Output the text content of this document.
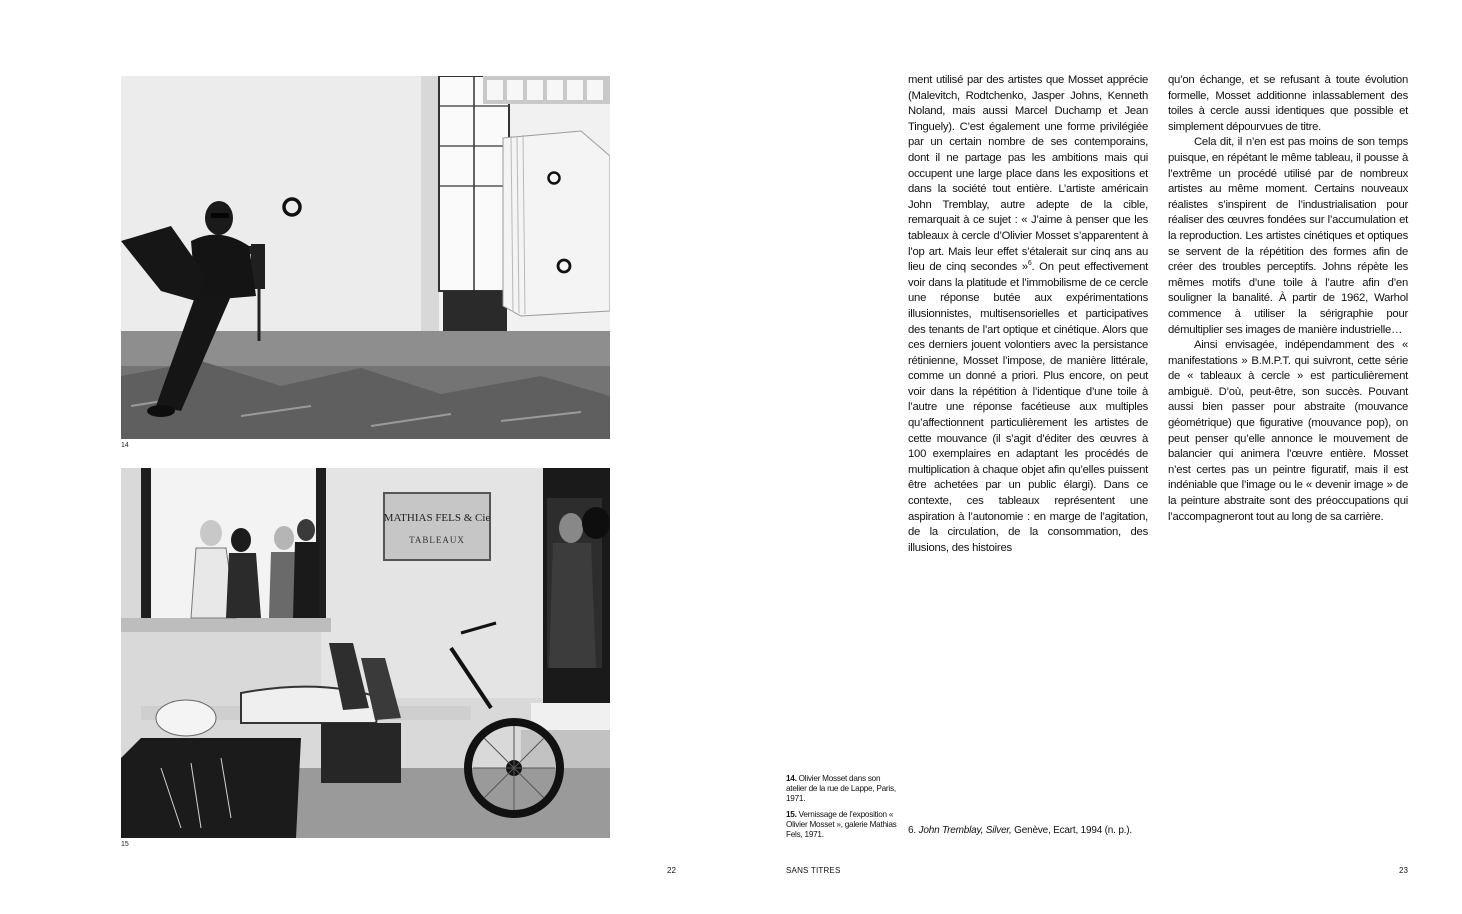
14
MATHIAS FELS & Cie
TABLEAUX
15
22

14. Olivier Mosset dans son atelier de la rue de Lappe, Paris, 1971.

15. Vernissage de l’exposition « Olivier Mosset », galerie Mathias Fels, 1971.

ment utilisé par des artistes que Mosset apprécie (Malevitch, Rodtchenko, Jasper Johns, Kenneth Noland, mais aussi Marcel Duchamp et Jean Tinguely). C’est également une forme privilégiée par un certain nombre de ses contemporains, dont il ne partage pas les ambitions mais qui occupent une large place dans les expositions et dans la société tout entière. L’artiste américain John Tremblay, autre adepte de la cible, remarquait à ce sujet : « J’aime à penser que les tableaux à cercle d’Olivier Mosset s’apparentent à l’op art. Mais leur effet s’étalerait sur cinq ans au lieu de cinq secondes »$^6$. On peut effectivement voir dans la platitude et l’immobilisme de ce cercle une réponse butée aux expérimentations illusionnistes, multisensorielles et participatives des tenants de l’art optique et cinétique. Alors que ces derniers jouent volontiers avec la persistance rétinienne, Mosset l’impose, de manière littérale, comme un donné a priori. Plus encore, on peut voir dans la répétition à l’identique d’une toile à l’autre une réponse facétieuse aux multiples qu’affectionnent particulièrement les artistes de cette mouvance (il s’agit d’éditer des œuvres à 100 exemplaires en adaptant les procédés de multiplication à chaque objet afin qu’elles puissent être achetées par un public élargi). Dans ce contexte, ces tableaux représentent une aspiration à l’autonomie : en marge de l’agitation, de la circulation, de la consommation, des illusions, des histoires

qu’on échange, et se refusant à toute évolution formelle, Mosset additionne inlassablement des toiles à cercle aussi identiques que possible et simplement dépourvues de titre.

Cela dit, il n’en est pas moins de son temps puisque, en répétant le même tableau, il pousse à l’extrême un procédé utilisé par de nombreux artistes au même moment. Certains nouveaux réalistes s’inspirent de l’industrialisation pour réaliser des œuvres fondées sur l’accumulation et la reproduction. Les artistes cinétiques et optiques se servent de la répétition des formes afin de créer des troubles perceptifs. Johns répète les mêmes motifs d’une toile à l’autre afin d’en souligner la banalité. À partir de 1962, Warhol commence à utiliser la sérigraphie pour démultiplier ses images de manière industrielle…

Ainsi envisagée, indépendamment des « manifestations » B.M.P.T. qui suivront, cette série de « tableaux à cercle » est particulièrement ambiguë. D’où, peut-être, son succès. Pouvant aussi bien passer pour abstraite (mouvance géométrique) que figurative (mouvance pop), on peut penser qu’elle annonce le mouvement de balancier qui animera l’œuvre entière. Mosset n’est certes pas un peintre figuratif, mais il est indéniable que l’image ou le « devenir image » de la peinture abstraite sont des préoccupations qui l’accompagneront tout au long de sa carrière.

6. John Tremblay, Silver, Genève, Ecart, 1994 (n. p.).
SANS TITRES	23
